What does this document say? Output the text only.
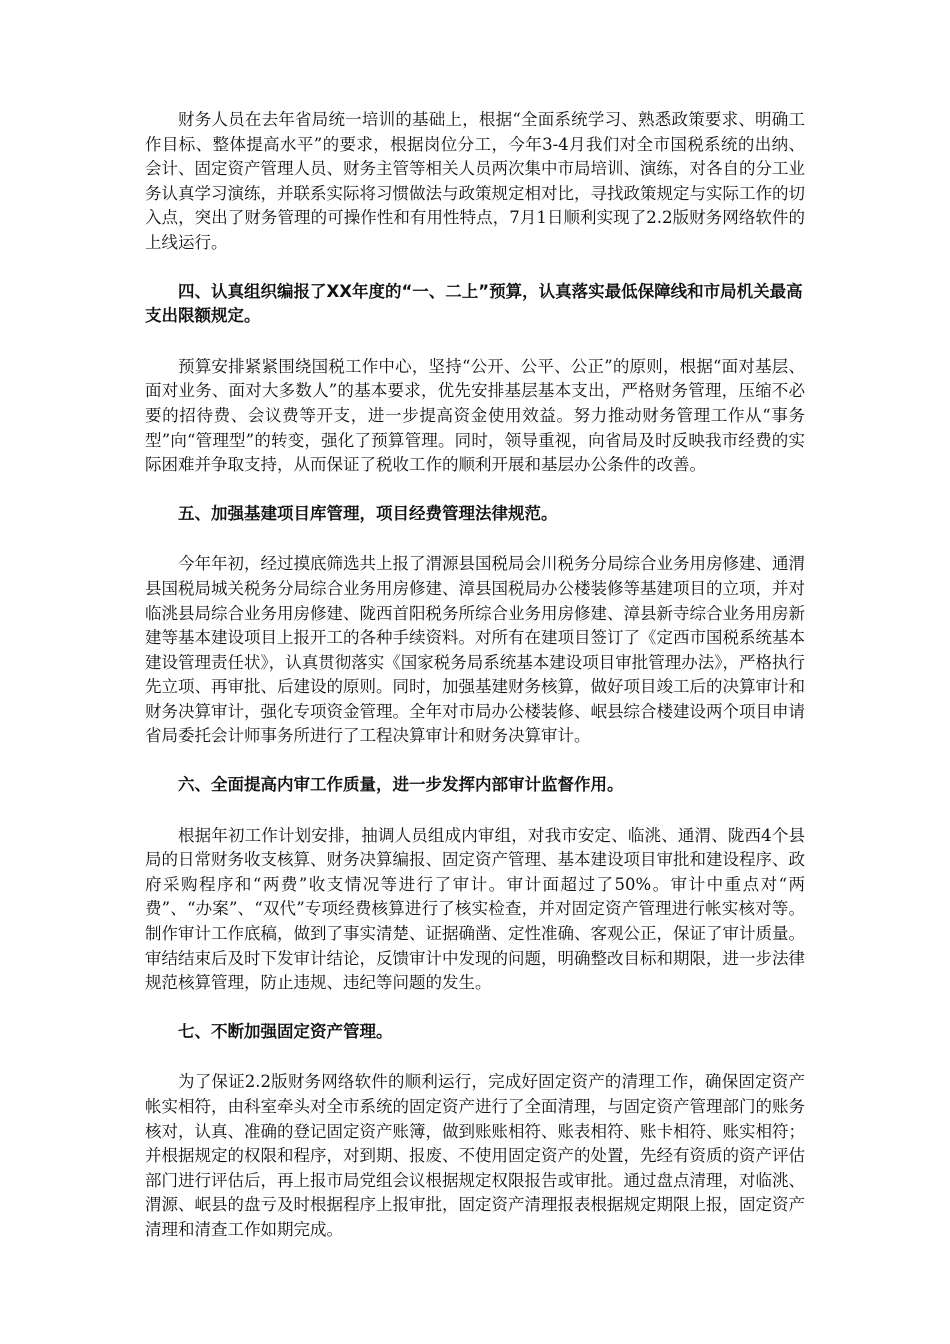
财务人员在去年省局统一培训的基础上，根据“全面系统学习、熟悉政策要求、明确工作目标、整体提高水平”的要求，根据岗位分工，今年3-4月我们对全市国税系统的出纳、会计、固定资产管理人员、财务主管等相关人员两次集中市局培训、演练，对各自的分工业务认真学习演练，并联系实际将习惯做法与政策规定相对比，寻找政策规定与实际工作的切入点，突出了财务管理的可操作性和有用性特点，7月1日顺利实现了2.2版财务网络软件的上线运行。

四、认真组织编报了XX年度的“一、二上”预算，认真落实最低保障线和市局机关最高支出限额规定。

预算安排紧紧围绕国税工作中心，坚持“公开、公平、公正”的原则，根据“面对基层、面对业务、面对大多数人”的基本要求，优先安排基层基本支出，严格财务管理，压缩不必要的招待费、会议费等开支，进一步提高资金使用效益。努力推动财务管理工作从“事务型”向“管理型”的转变，强化了预算管理。同时，领导重视，向省局及时反映我市经费的实际困难并争取支持，从而保证了税收工作的顺利开展和基层办公条件的改善。

五、加强基建项目库管理，项目经费管理法律规范。

今年年初，经过摸底筛选共上报了渭源县国税局会川税务分局综合业务用房修建、通渭县国税局城关税务分局综合业务用房修建、漳县国税局办公楼装修等基建项目的立项，并对临洮县局综合业务用房修建、陇西首阳税务所综合业务用房修建、漳县新寺综合业务用房新建等基本建设项目上报开工的各种手续资料。对所有在建项目签订了《定西市国税系统基本建设管理责任状》，认真贯彻落实《国家税务局系统基本建设项目审批管理办法》，严格执行先立项、再审批、后建设的原则。同时，加强基建财务核算，做好项目竣工后的决算审计和财务决算审计，强化专项资金管理。全年对市局办公楼装修、岷县综合楼建设两个项目申请省局委托会计师事务所进行了工程决算审计和财务决算审计。

六、全面提高内审工作质量，进一步发挥内部审计监督作用。

根据年初工作计划安排，抽调人员组成内审组，对我市安定、临洮、通渭、陇西4个县局的日常财务收支核算、财务决算编报、固定资产管理、基本建设项目审批和建设程序、政府采购程序和“两费”收支情况等进行了审计。审计面超过了50%。审计中重点对“两费”、“办案”、“双代”专项经费核算进行了核实检查，并对固定资产管理进行帐实核对等。制作审计工作底稿，做到了事实清楚、证据确凿、定性准确、客观公正，保证了审计质量。审结结束后及时下发审计结论，反馈审计中发现的问题，明确整改目标和期限，进一步法律规范核算管理，防止违规、违纪等问题的发生。

七、不断加强固定资产管理。

为了保证2.2版财务网络软件的顺利运行，完成好固定资产的清理工作，确保固定资产帐实相符，由科室牵头对全市系统的固定资产进行了全面清理，与固定资产管理部门的账务核对，认真、准确的登记固定资产账簿，做到账账相符、账表相符、账卡相符、账实相符；并根据规定的权限和程序，对到期、报废、不使用固定资产的处置，先经有资质的资产评估部门进行评估后，再上报市局党组会议根据规定权限报告或审批。通过盘点清理，对临洮、渭源、岷县的盘亏及时根据程序上报审批，固定资产清理报表根据规定期限上报，固定资产清理和清查工作如期完成。
